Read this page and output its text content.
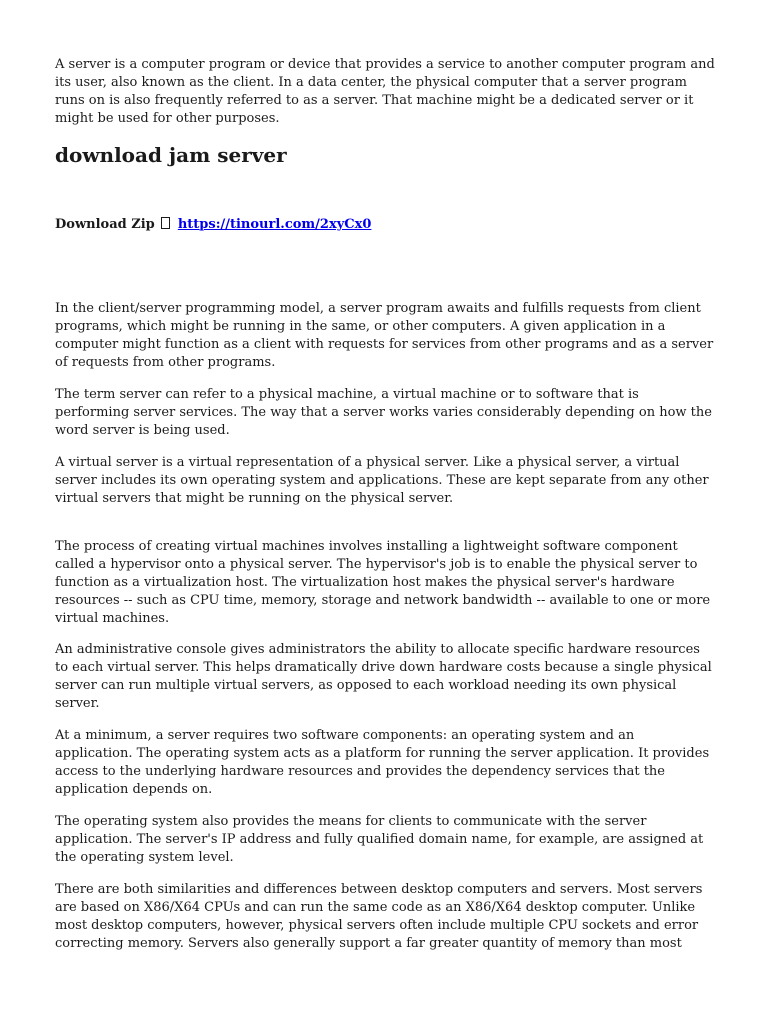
A server is a computer program or device that provides a service to another computer program and its user, also known as the client. In a data center, the physical computer that a server program runs on is also frequently referred to as a server. That machine might be a dedicated server or it might be used for other purposes.

download jam server
Download Zip https://tinourl.com/2xyCx0

In the client/server programming model, a server program awaits and fulfills requests from client programs, which might be running in the same, or other computers. A given application in a computer might function as a client with requests for services from other programs and as a server of requests from other programs.

The term server can refer to a physical machine, a virtual machine or to software that is performing server services. The way that a server works varies considerably depending on how the word server is being used.

A virtual server is a virtual representation of a physical server. Like a physical server, a virtual server includes its own operating system and applications. These are kept separate from any other virtual servers that might be running on the physical server.

The process of creating virtual machines involves installing a lightweight software component called a hypervisor onto a physical server. The hypervisor's job is to enable the physical server to function as a virtualization host. The virtualization host makes the physical server's hardware resources -- such as CPU time, memory, storage and network bandwidth -- available to one or more virtual machines.

An administrative console gives administrators the ability to allocate specific hardware resources to each virtual server. This helps dramatically drive down hardware costs because a single physical server can run multiple virtual servers, as opposed to each workload needing its own physical server.

At a minimum, a server requires two software components: an operating system and an application. The operating system acts as a platform for running the server application. It provides access to the underlying hardware resources and provides the dependency services that the application depends on.

The operating system also provides the means for clients to communicate with the server application. The server's IP address and fully qualified domain name, for example, are assigned at the operating system level.

There are both similarities and differences between desktop computers and servers. Most servers are based on X86/X64 CPUs and can run the same code as an X86/X64 desktop computer. Unlike most desktop computers, however, physical servers often include multiple CPU sockets and error correcting memory. Servers also generally support a far greater quantity of memory than most
